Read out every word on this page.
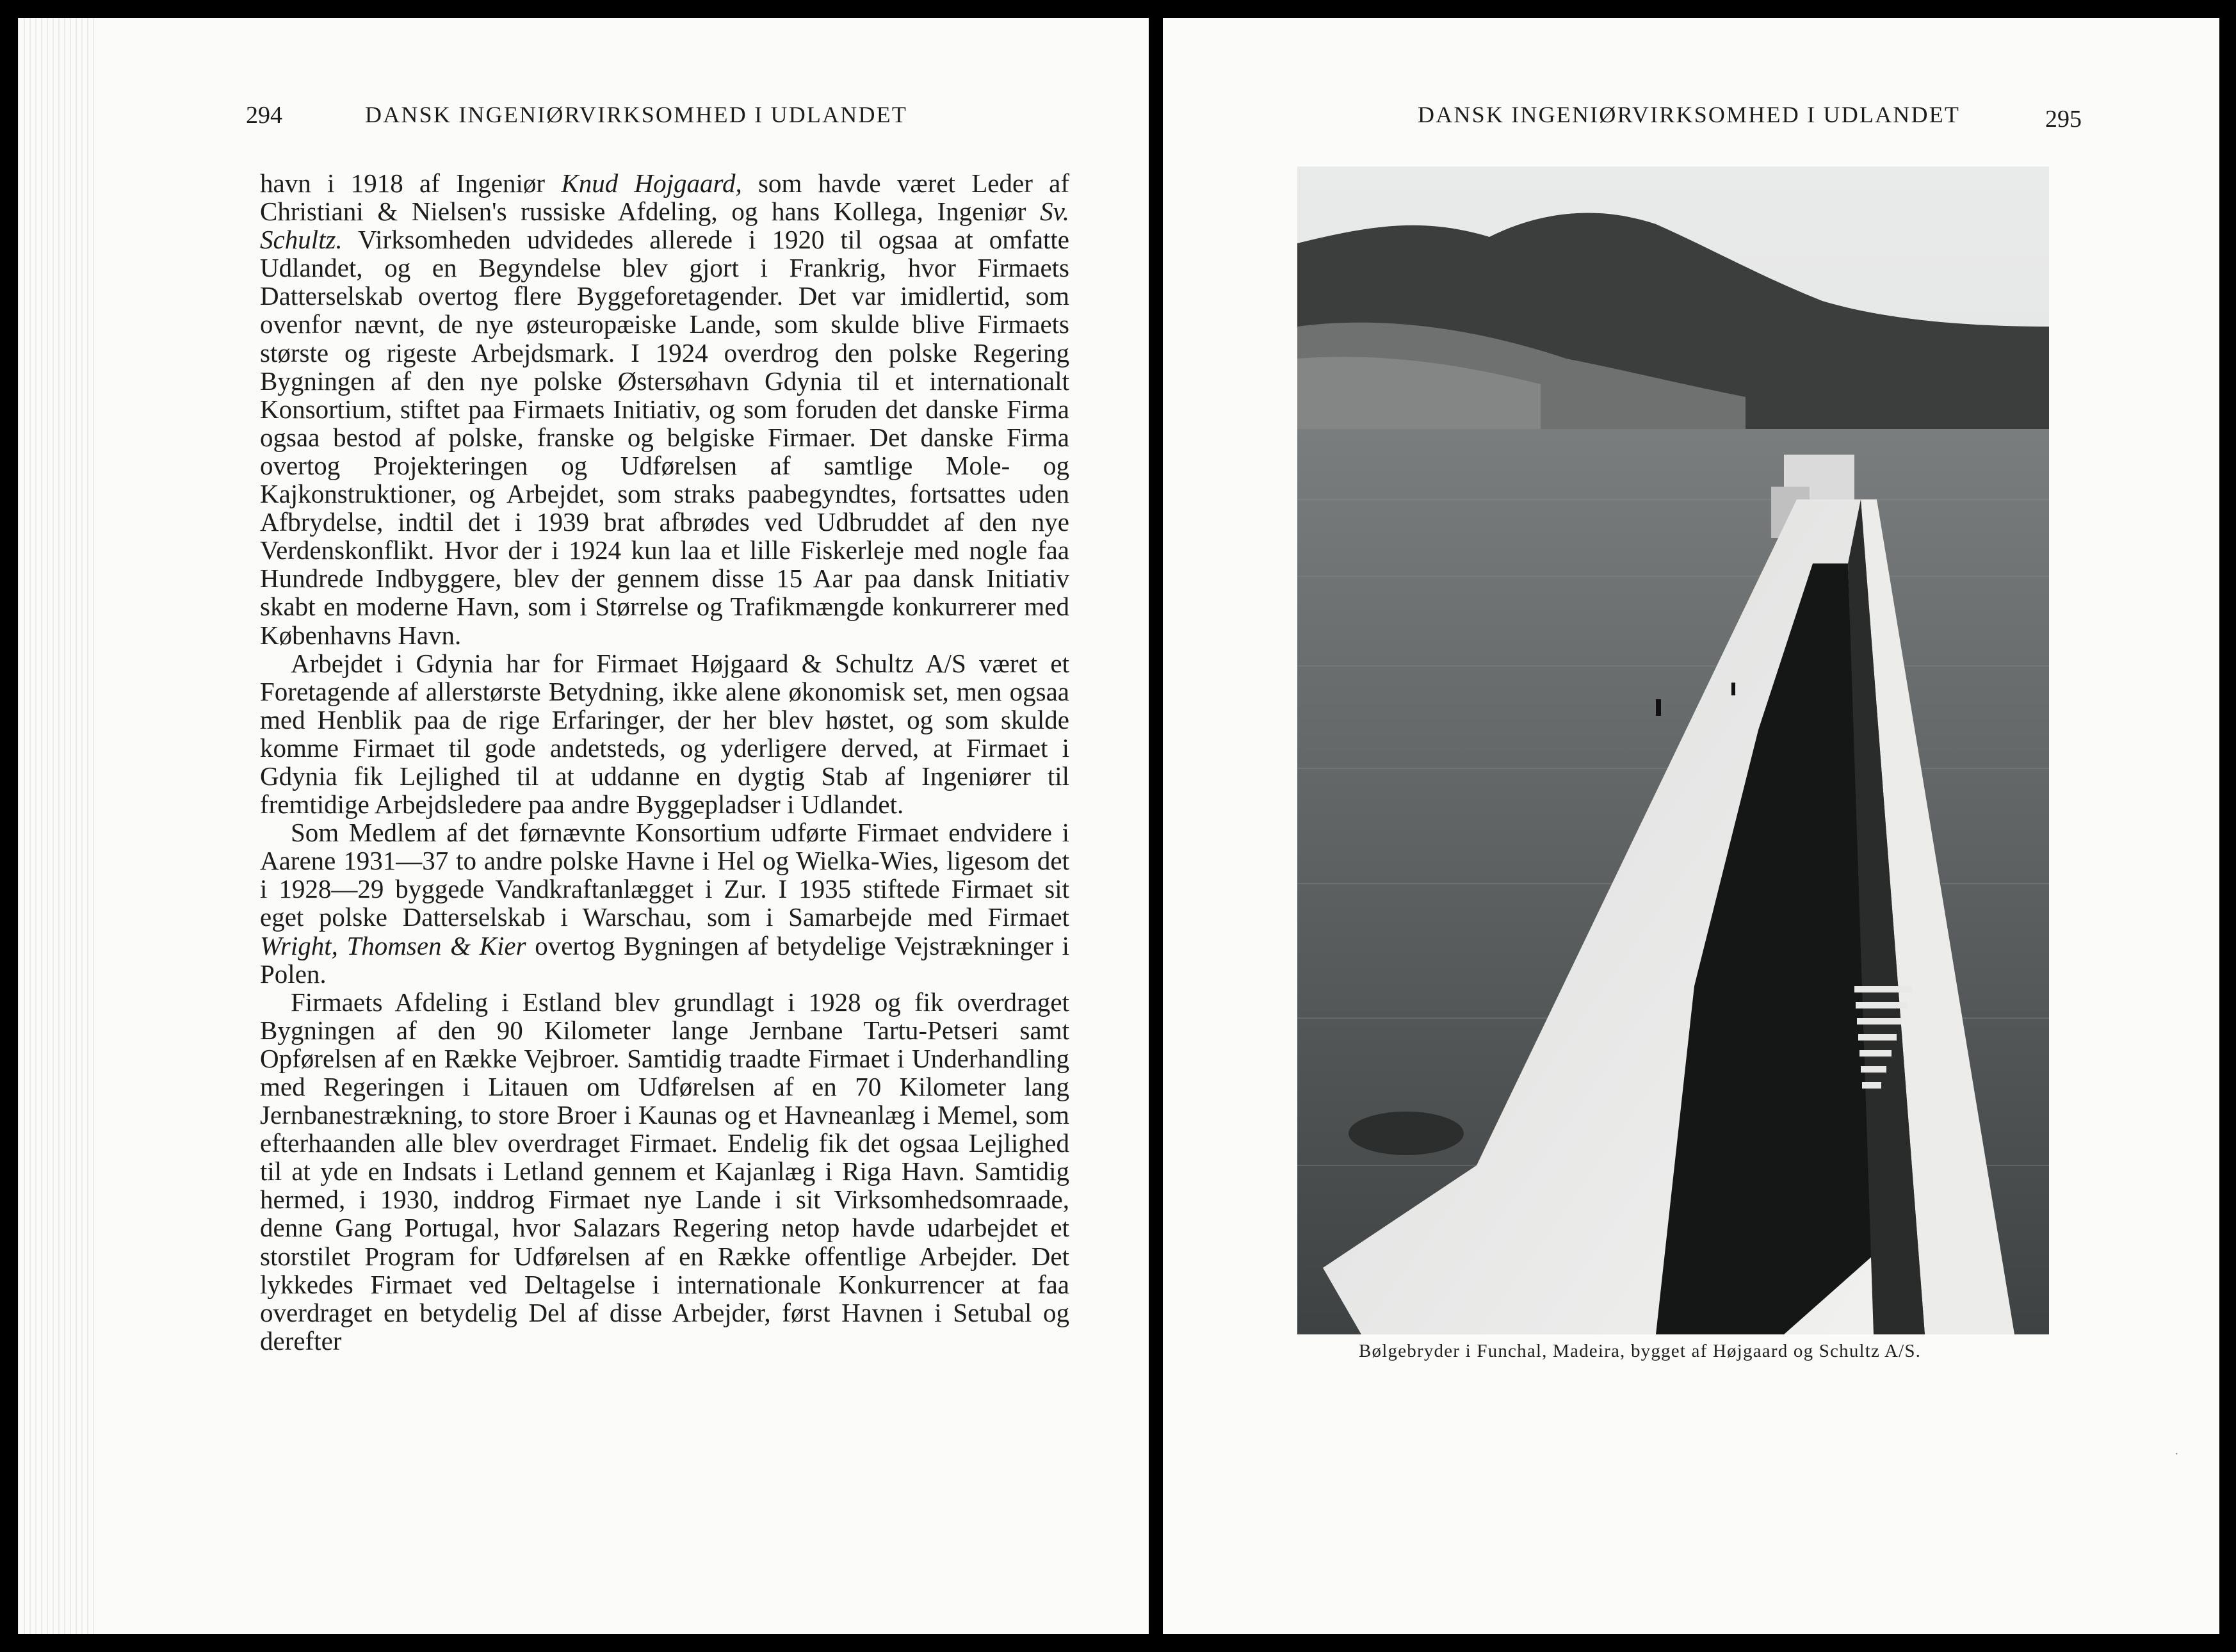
294	DANSK INGENIØRVIRKSOMHED I UDLANDET

havn i 1918 af Ingeniør Knud Hojgaard, som havde været Leder af Christiani & Nielsen's russiske Afdeling, og hans Kollega, Ingeniør Sv. Schultz. Virksomheden udvidedes allerede i 1920 til ogsaa at omfatte Udlandet, og en Begyndelse blev gjort i Frankrig, hvor Firmaets Datterselskab overtog flere Byggeforetagender. Det var imidlertid, som ovenfor nævnt, de nye østeuropæiske Lande, som skulde blive Firmaets største og rigeste Arbejdsmark. I 1924 overdrog den polske Regering Bygningen af den nye polske Østersøhavn Gdynia til et internationalt Konsortium, stiftet paa Firmaets Initiativ, og som foruden det danske Firma ogsaa bestod af polske, franske og belgiske Firmaer. Det danske Firma overtog Projekteringen og Udførelsen af samtlige Mole- og Kajkonstruktioner, og Arbejdet, som straks paabegyndtes, fortsattes uden Afbrydelse, indtil det i 1939 brat afbrødes ved Udbruddet af den nye Verdenskonflikt. Hvor der i 1924 kun laa et lille Fiskerleje med nogle faa Hundrede Indbyggere, blev der gennem disse 15 Aar paa dansk Initiativ skabt en moderne Havn, som i Størrelse og Trafikmængde konkurrerer med Københavns Havn.

Arbejdet i Gdynia har for Firmaet Højgaard & Schultz A/S været et Foretagende af allerstørste Betydning, ikke alene økonomisk set, men ogsaa med Henblik paa de rige Erfaringer, der her blev høstet, og som skulde komme Firmaet til gode andetsteds, og yderligere derved, at Firmaet i Gdynia fik Lejlighed til at uddanne en dygtig Stab af Ingeniører til fremtidige Arbejdsledere paa andre Byggepladser i Udlandet.

Som Medlem af det førnævnte Konsortium udførte Firmaet endvidere i Aarene 1931—37 to andre polske Havne i Hel og Wielka-Wies, ligesom det i 1928—29 byggede Vandkraftanlægget i Zur. I 1935 stiftede Firmaet sit eget polske Datterselskab i Warschau, som i Samarbejde med Firmaet Wright, Thomsen & Kier overtog Bygningen af betydelige Vejstrækninger i Polen.

Firmaets Afdeling i Estland blev grundlagt i 1928 og fik overdraget Bygningen af den 90 Kilometer lange Jernbane Tartu-Petseri samt Opførelsen af en Række Vejbroer. Samtidig traadte Firmaet i Underhandling med Regeringen i Litauen om Udførelsen af en 70 Kilometer lang Jernbanestrækning, to store Broer i Kaunas og et Havneanlæg i Memel, som efterhaanden alle blev overdraget Firmaet. Endelig fik det ogsaa Lejlighed til at yde en Indsats i Letland gennem et Kajanlæg i Riga Havn. Samtidig hermed, i 1930, inddrog Firmaet nye Lande i sit Virksomhedsomraade, denne Gang Portugal, hvor Salazars Regering netop havde udarbejdet et storstilet Program for Udførelsen af en Række offentlige Arbejder. Det lykkedes Firmaet ved Deltagelse i internationale Konkurrencer at faa overdraget en betydelig Del af disse Arbejder, først Havnen i Setubal og derefter

DANSK INGENIØRVIRKSOMHED I UDLANDET	295
Bølgebryder i Funchal, Madeira, bygget af Højgaard og Schultz A/S.
·
